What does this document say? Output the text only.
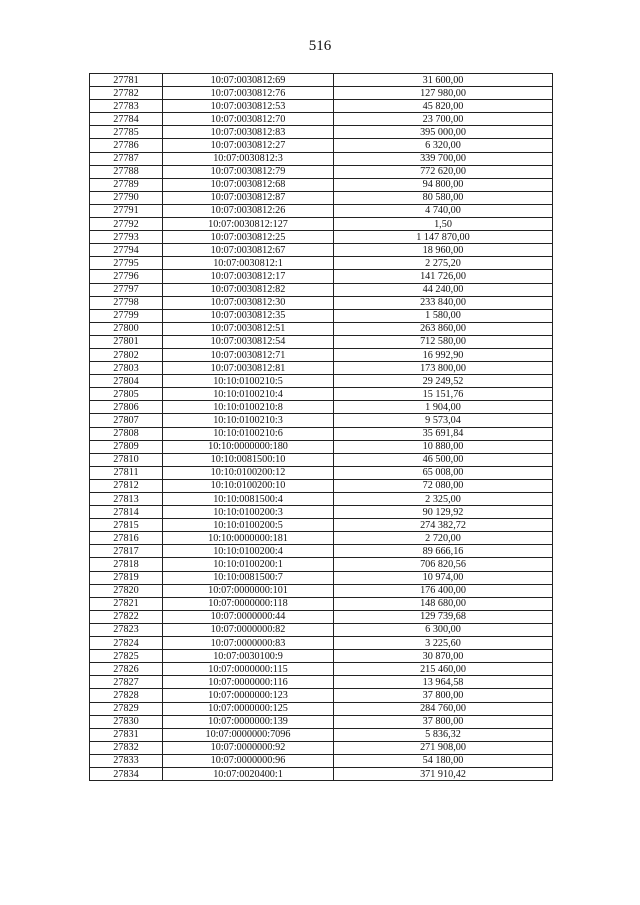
516
27781	10:07:0030812:69	31 600,00
27782	10:07:0030812:76	127 980,00
27783	10:07:0030812:53	45 820,00
27784	10:07:0030812:70	23 700,00
27785	10:07:0030812:83	395 000,00
27786	10:07:0030812:27	6 320,00
27787	10:07:0030812:3	339 700,00
27788	10:07:0030812:79	772 620,00
27789	10:07:0030812:68	94 800,00
27790	10:07:0030812:87	80 580,00
27791	10:07:0030812:26	4 740,00
27792	10:07:0030812:127	1,50
27793	10:07:0030812:25	1 147 870,00
27794	10:07:0030812:67	18 960,00
27795	10:07:0030812:1	2 275,20
27796	10:07:0030812:17	141 726,00
27797	10:07:0030812:82	44 240,00
27798	10:07:0030812:30	233 840,00
27799	10:07:0030812:35	1 580,00
27800	10:07:0030812:51	263 860,00
27801	10:07:0030812:54	712 580,00
27802	10:07:0030812:71	16 992,90
27803	10:07:0030812:81	173 800,00
27804	10:10:0100210:5	29 249,52
27805	10:10:0100210:4	15 151,76
27806	10:10:0100210:8	1 904,00
27807	10:10:0100210:3	9 573,04
27808	10:10:0100210:6	35 691,84
27809	10:10:0000000:180	10 880,00
27810	10:10:0081500:10	46 500,00
27811	10:10:0100200:12	65 008,00
27812	10:10:0100200:10	72 080,00
27813	10:10:0081500:4	2 325,00
27814	10:10:0100200:3	90 129,92
27815	10:10:0100200:5	274 382,72
27816	10:10:0000000:181	2 720,00
27817	10:10:0100200:4	89 666,16
27818	10:10:0100200:1	706 820,56
27819	10:10:0081500:7	10 974,00
27820	10:07:0000000:101	176 400,00
27821	10:07:0000000:118	148 680,00
27822	10:07:0000000:44	129 739,68
27823	10:07:0000000:82	6 300,00
27824	10:07:0000000:83	3 225,60
27825	10:07:0030100:9	30 870,00
27826	10:07:0000000:115	215 460,00
27827	10:07:0000000:116	13 964,58
27828	10:07:0000000:123	37 800,00
27829	10:07:0000000:125	284 760,00
27830	10:07:0000000:139	37 800,00
27831	10:07:0000000:7096	5 836,32
27832	10:07:0000000:92	271 908,00
27833	10:07:0000000:96	54 180,00
27834	10:07:0020400:1	371 910,42
